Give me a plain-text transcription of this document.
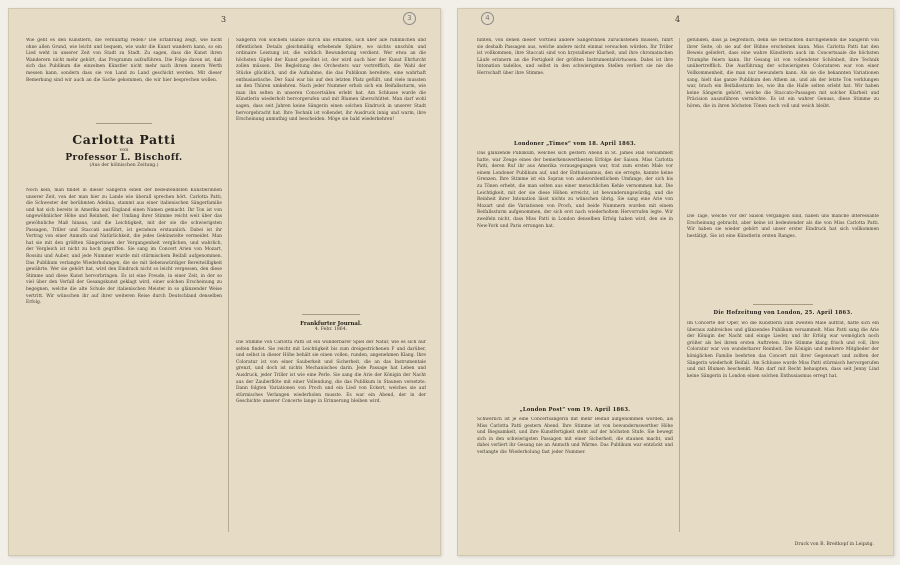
3	3

Wie geht es den Künstlern, die vernünftig reden? Die Erfahrung zeigt, wie nicht ohne allen Grund, wie leicht und bequem, wie wahr die Kunst wandern kann, so ein Lied weht in unserer Zeit von Stadt zu Stadt. Zu sagen, dass die Kunst ihren Wanderern nicht mehr gehört, das Programm aufzuführen. Die Folge davon ist, daß sich das Publikum die einzelnen Künstler nicht mehr nach ihrem innern Werth messen kann, sondern dass sie von Land zu Land geschickt werden. Mit dieser Bemerkung sind wir auch an die Sache gekommen, die wir hier besprechen wollen.

Carlotta Patti
von
Professor L. Bischoff.
(Aus der kölnischen Zeitung.)

Noch kein, man findet in dieser Sängerin einen der bedeutendsten Künstlerinnen unserer Zeit, von der man hier zu Lande wie überall sprechen hört. Carlotta Patti, die Schwester der berühmten Adelina, stammt aus einer italienischen Sängerfamilie und hat sich bereits in Amerika und England einen Namen gemacht. Ihr Ton ist von ungewöhnlicher Höhe und Reinheit, der Umfang ihrer Stimme reicht weit über das gewöhnliche Maß hinaus, und die Leichtigkeit, mit der sie die schwierigsten Passagen, Triller und Staccati ausführt, ist geradezu erstaunlich. Dabei ist ihr Vortrag von einer Anmuth und Natürlichkeit, die jedes Gekünstelte vermeidet. Man hat sie mit den größten Sängerinnen der Vergangenheit verglichen, und wahrlich, der Vergleich ist nicht zu hoch gegriffen. Sie sang im Concert Arien von Mozart, Rossini und Auber, und jede Nummer wurde mit stürmischem Beifall aufgenommen. Das Publikum verlangte Wiederholungen, die sie mit liebenswürdiger Bereitwilligkeit gewährte. Wer sie gehört hat, wird den Eindruck nicht so leicht vergessen, den diese Stimme und diese Kunst hervorbringen. Es ist eine Freude, in einer Zeit, in der so viel über den Verfall der Gesangskunst geklagt wird, einer solchen Erscheinung zu begegnen, welche die alte Schule der italienischen Meister in so glänzender Weise vertritt. Wir wünschen ihr auf ihrer weiteren Reise durch Deutschland denselben Erfolg.

Sängerin von solchem Glanze durch uns erhalten, sich über alle rühmlichen und öffentlichen Details gleichmäßig erhebende Sphäre, wo nichts unschön und ordinaire Leistung ist, die wirklich Bewunderung verdient. Wer etwa an die höchsten Gipfel der Kunst gewöhnt ist, der wird auch hier der Kunst Ehrfurcht zollen müssen. Die Begleitung des Orchesters war vortrefflich, die Wahl der Stücke glücklich, und die Aufnahme, die das Publikum bereitete, eine wahrhaft enthusiastische. Der Saal war bis auf den letzten Platz gefüllt, und viele mussten an den Thüren umkehren. Nach jeder Nummer erhob sich ein Beifallssturm, wie man ihn selten in unseren Concertsälen erlebt hat. Am Schlusse wurde die Künstlerin wiederholt hervorgerufen und mit Blumen überschüttet. Man darf wohl sagen, dass seit Jahren keine Sängerin einen solchen Eindruck in unserer Stadt hervorgebracht hat. Ihre Technik ist vollendet, ihr Ausdruck innig und warm, ihre Erscheinung anmuthig und bescheiden. Möge sie bald wiederkehren!

Frankfurter Journal.
4. Febr. 1864.

Die Stimme von Carlotta Patti ist ein wunderbarer Spiel der Natur, wie es sich nur selten findet. Sie reicht mit Leichtigkeit bis zum dreigestrichenen F und darüber, und selbst in dieser Höhe behält sie einen vollen, runden, angenehmen Klang. Ihre Coloratur ist von einer Sauberkeit und Sicherheit, die an das Instrumentale grenzt, und doch ist nichts Mechanisches darin. Jede Passage hat Leben und Ausdruck, jeder Triller ist wie eine Perle. Sie sang die Arie der Königin der Nacht aus der Zauberflöte mit einer Vollendung, die das Publikum in Staunen versetzte. Dann folgten Variationen von Proch und ein Lied von Eckert, welches sie auf stürmisches Verlangen wiederholen musste. Es war ein Abend, der in der Geschichte unserer Concerte lange in Erinnerung bleiben wird.

4	4

hinten, von denen dieser Vortheil andere Sängerinnen zurückstehen müssen, führt sie deshalb Passagen aus, welche andere nicht einmal versuchen würden. Ihr Triller ist vollkommen, ihre Staccati sind von krystallener Klarheit, und ihre chromatischen Läufe erinnern an die Fertigkeit der größten Instrumentalvirtuosen. Dabei ist ihre Intonation tadellos, und selbst in den schwierigsten Stellen verliert sie nie die Herrschaft über ihre Stimme.

Londoner „Times“ vom 18. April 1863.

Das glänzende Publikum, welches sich gestern Abend in St. James Hall versammelt hatte, war Zeuge eines der bemerkenswerthesten Erfolge der Saison. Miss Carlotta Patti, deren Ruf ihr aus Amerika vorausgegangen war, trat zum ersten Male vor einem Londoner Publikum auf, und der Enthusiasmus, den sie erregte, kannte keine Grenzen. Ihre Stimme ist ein Sopran von außerordentlichem Umfange, der sich bis zu Tönen erhebt, die man selten aus einer menschlichen Kehle vernommen hat. Die Leichtigkeit, mit der sie diese Höhen erreicht, ist bewunderungswürdig, und die Reinheit ihrer Intonation lässt nichts zu wünschen übrig. Sie sang eine Arie von Mozart und die Variationen von Proch, und beide Nummern wurden mit einem Beifallssturm aufgenommen, der sich erst nach wiederholtem Hervorrufen legte. Wir zweifeln nicht, dass Miss Patti in London denselben Erfolg haben wird, den sie in New-York und Paris errungen hat.

„London Post“ vom 19. April 1863.

Schwerlich ist je eine Concertsängerin mit mehr Beifall aufgenommen worden, als Miss Carlotta Patti gestern Abend. Ihre Stimme ist von bewundernswerther Höhe und Biegsamkeit, und ihre Kunstfertigkeit steht auf der höchsten Stufe. Sie bewegt sich in den schwierigsten Passagen mit einer Sicherheit, die staunen macht, und dabei verliert ihr Gesang nie an Anmuth und Wärme. Das Publikum war entzückt und verlangte die Wiederholung fast jeder Nummer.

gefunden, dass ja begreiflich, denn sie betrachten durchgehends die Sängerin von ihrer Seite, ob sie auf der Bühne erscheinen kann. Miss Carlotta Patti hat den Beweis geliefert, dass eine wahre Künstlerin auch im Concertsaale die höchsten Triumphe feiern kann. Ihr Gesang ist von vollendeter Schönheit, ihre Technik unübertrefflich. Die Ausführung der schwierigsten Coloraturen war von einer Vollkommenheit, die man nur bewundern kann. Als sie die bekannten Variationen sang, hielt das ganze Publikum den Athem an, und als der letzte Ton verklungen war, brach ein Beifallssturm los, wie ihn die Halle selten erlebt hat. Wir haben keine Sängerin gehört, welche die Staccato-Passagen mit solcher Klarheit und Präcision auszuführen vermöchte. Es ist ein wahrer Genuss, diese Stimme zu hören, die in ihren höchsten Tönen noch voll und weich bleibt.

Die Tage, welche vor der Saison vergangen sind, haben uns manche interessante Erscheinung gebracht, aber keine ist bedeutender als die von Miss Carlotta Patti. Wir haben sie wieder gehört und unser erster Eindruck hat sich vollkommen bestätigt. Sie ist eine Künstlerin ersten Ranges.

Die Hofzeitung von London, 25. April 1863.

Im Concerte der Oper, wo die Künstlerin zum zweiten Male auftrat, hatte sich ein überaus zahlreiches und glänzendes Publikum versammelt. Miss Patti sang die Arie der Königin der Nacht und einige Lieder, und ihr Erfolg war womöglich noch größer als bei ihrem ersten Auftreten. Ihre Stimme klang frisch und voll, ihre Coloratur war von wunderbarer Reinheit. Die Königin und mehrere Mitglieder der königlichen Familie beehrten das Concert mit ihrer Gegenwart und zollten der Sängerin wiederholt Beifall. Am Schlusse wurde Miss Patti stürmisch hervorgerufen und mit Blumen beschenkt. Man darf mit Recht behaupten, dass seit Jenny Lind keine Sängerin in London einen solchen Enthusiasmus erregt hat.

Druck von B. Breitkopf in Leipzig.
